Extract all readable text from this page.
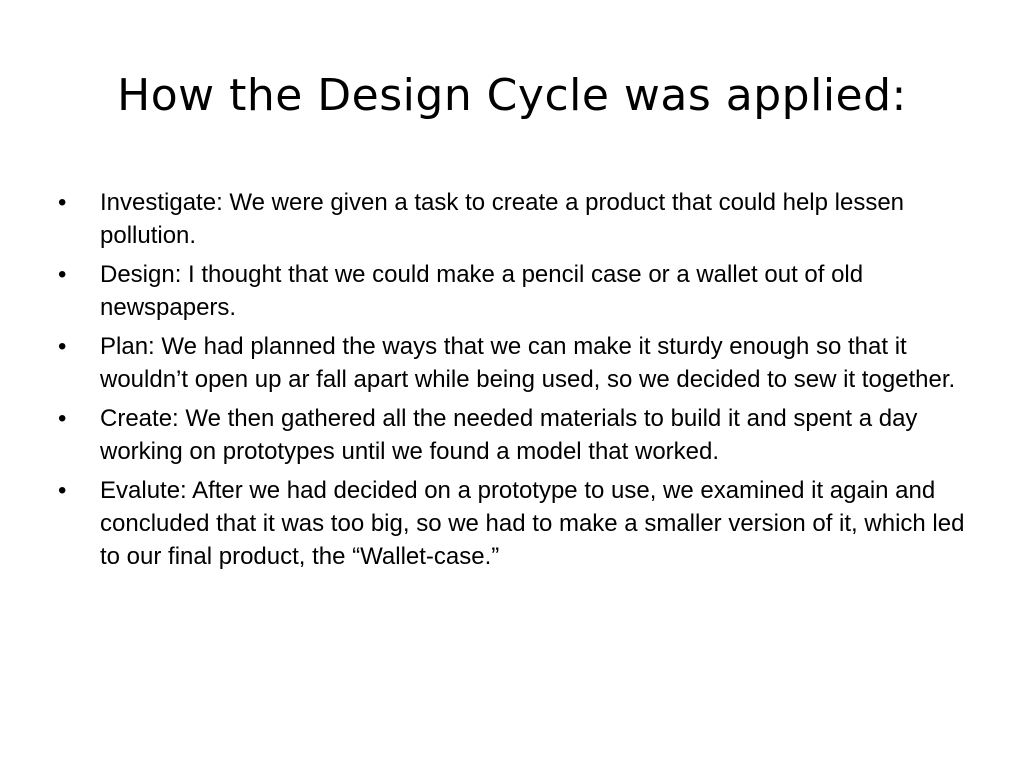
How the Design Cycle was applied:
•	Investigate: We were given a task to create a product that could help lessen pollution.
•	Design: I thought that we could make a pencil case or a wallet out of old newspapers.
•	Plan: We had planned the ways that we can make it sturdy enough so that it wouldn’t open up ar fall apart while being used, so we decided to sew it together.
•	Create: We then gathered all the needed materials to build it and spent a day working on prototypes until we found a model that worked.
•	Evalute: After we had decided on a prototype to use, we examined it again and concluded that it was too big, so we had to make a smaller version of it, which led to our final product, the “Wallet-case.”
